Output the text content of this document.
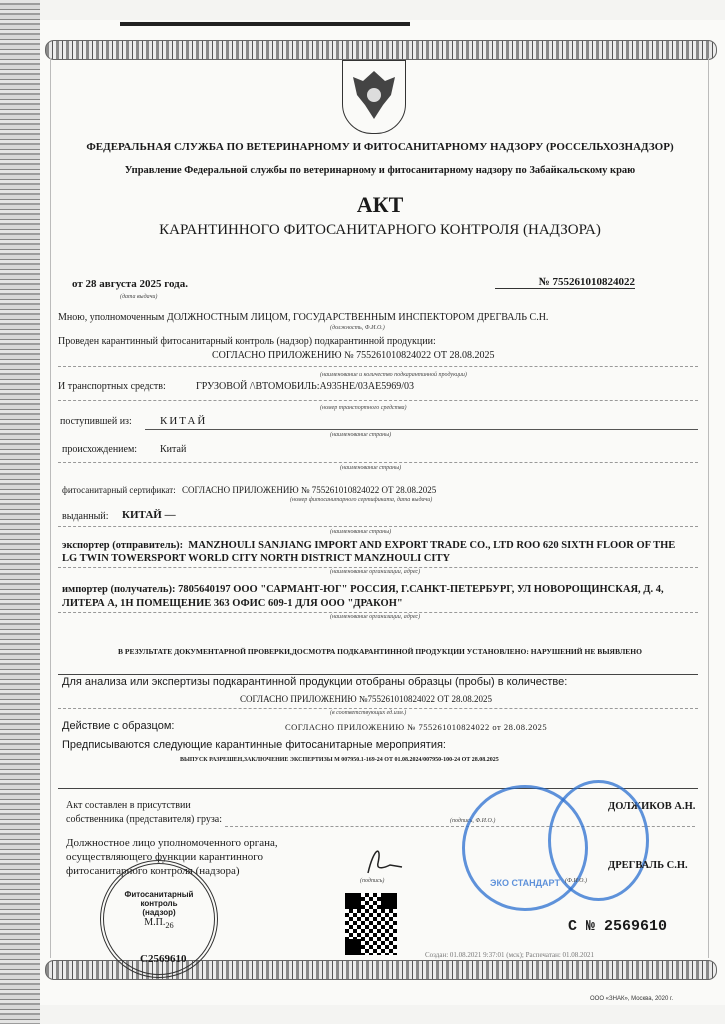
ФЕДЕРАЛЬНАЯ СЛУЖБА ПО ВЕТЕРИНАРНОМУ И ФИТОСАНИТАРНОМУ НАДЗОРУ (РОССЕЛЬХОЗНАДЗОР)
Управление Федеральной службы по ветеринарному и фитосанитарному надзору по Забайкальскому краю
АКТ
КАРАНТИННОГО ФИТОСАНИТАРНОГО КОНТРОЛЯ (НАДЗОРА)
от 28 августа 2025 года.
(дата выдачи)
№ 755261010824022
Мною, уполномоченным ДОЛЖНОСТНЫМ ЛИЦОМ, ГОСУДАРСТВЕННЫМ ИНСПЕКТОРОМ ДРЕГВАЛЬ С.Н.
(должность, Ф.И.О.)
Проведен карантинный фитосанитарный контроль (надзор) подкарантинной продукции:
СОГЛАСНО ПРИЛОЖЕНИЮ № 755261010824022 ОТ 28.08.2025
(наименование и количество подкарантинной продукции)
И транспортных средств:	ГРУЗОВОЙ /\ВТОМОБИЛЬ:А935НЕ/03АЕ5969/03
(номер транспортного средства)
поступившей из:	КИТАЙ
(наименование страны)
происхождением: Китай
(наименование страны)
фитосанитарный сертификат: СОГЛАСНО ПРИЛОЖЕНИЮ № 755261010824022 ОТ 28.08.2025
(номер фитосанитарного сертификата, дата выдачи)
выданный: КИТАЙ —
(наименование страны)
экспортер (отправитель): MANZHOULI SANJIANG IMPORT AND EXPORT TRADE CO., LTD ROO 620 SIXTH FLOOR OF THE
LG TWIN TOWERSPORT WORLD CITY NORTH DISTRICT MANZHOULI CITY
(наименование организации, адрес)
импортер (получатель): 7805640197 ООО "САРМАНТ-ЮГ" РОССИЯ, Г.САНКТ-ПЕТЕРБУРГ, УЛ НОВОРОЩИНСКАЯ, Д. 4,
ЛИТЕРА А, 1Н ПОМЕЩЕНИЕ 363 ОФИС 609-1 ДЛЯ ООО "ДРАКОН"
(наименование организации, адрес)
В РЕЗУЛЬТАТЕ ДОКУМЕНТАРНОЙ ПРОВЕРКИ,ДОСМОТРА ПОДКАРАНТИННОЙ ПРОДУКЦИИ УСТАНОВЛЕНО: НАРУШЕНИЙ НЕ ВЫЯВЛЕНО
Для анализа или экспертизы подкарантинной продукции отобраны образцы (пробы) в количестве:
СОГЛАСНО ПРИЛОЖЕНИЮ №755261010824022 ОТ 28.08.2025
(в соответствующих ед.изм.)
Действие с образцом:	СОГЛАСНО ПРИЛОЖЕНИЮ № 755261010824022 от 28.08.2025
Предписываются следующие карантинные фитосанитарные мероприятия:
ВЫПУСК РАЗРЕШЕН,ЗАКЛЮЧЕНИЕ ЭКСПЕРТИЗЫ М 007950.1-169-24 ОТ 01.08.2024/007950-100-24 ОТ 28.08.2025
Акт составлен в присутствии
собственника (представителя) груза:	(подпись, Ф.И.О.)
ДОЛЖИКОВ А.Н.
Должностное лицо уполномоченного органа,
осуществляющего функции карантинного
фитосанитарного контроля (надзора)
(подпись)
Фитосанитарный
контроль
(надзор)
$М.П._{26}$
С2569610
ЭКО СТАНДАРТ (Ф.И.О.)
ДРЕГВАЛЬ С.Н.
С № 2569610
Создан: 01.08.2021 9:37:01 (мск); Распечатан: 01.08.2021
ООО «ЗНАК», Москва, 2020 г.
